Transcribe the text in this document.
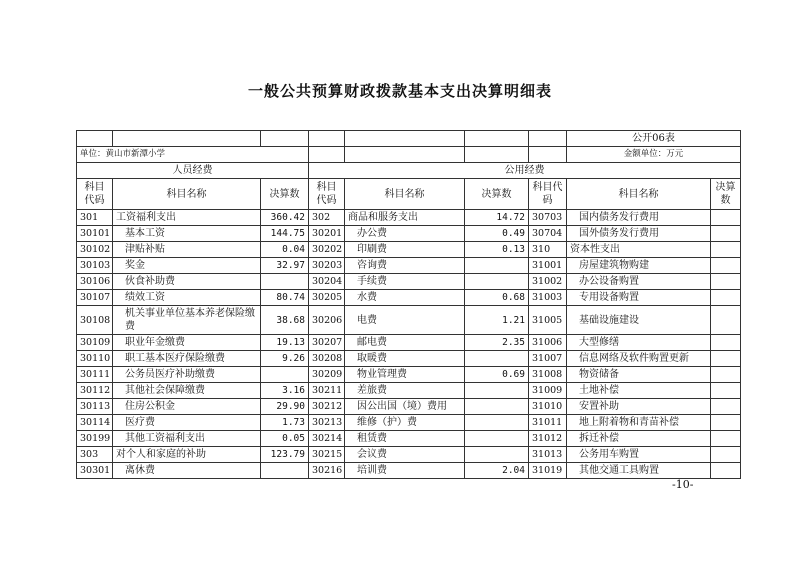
一般公共预算财政拨款基本支出决算明细表
							公开06表	
单位：黄山市新潭小学							金额单位：万元	
人员经费			公用经费					
科目代码	科目名称	决算数	科目代码	科目名称	决算数	科目代码	科目名称	决算数
301	工资福利支出	360.42	302	商品和服务支出	14.72	30703	国内债务发行费用	
30101	基本工资	144.75	30201	办公费	0.49	30704	国外债务发行费用	
30102	津贴补贴	0.04	30202	印刷费	0.13	310	资本性支出	
30103	奖金	32.97	30203	咨询费		31001	房屋建筑物购建	
30106	伙食补助费		30204	手续费		31002	办公设备购置	
30107	绩效工资	80.74	30205	水费	0.68	31003	专用设备购置	
30108	机关事业单位基本养老保险缴费	38.68	30206	电费	1.21	31005	基础设施建设	
30109	职业年金缴费	19.13	30207	邮电费	2.35	31006	大型修缮	
30110	职工基本医疗保险缴费	9.26	30208	取暖费		31007	信息网络及软件购置更新	
30111	公务员医疗补助缴费		30209	物业管理费	0.69	31008	物资储备	
30112	其他社会保障缴费	3.16	30211	差旅费		31009	土地补偿	
30113	住房公积金	29.90	30212	因公出国（境）费用		31010	安置补助	
30114	医疗费	1.73	30213	维修（护）费		31011	地上附着物和青苗补偿	
30199	其他工资福利支出	0.05	30214	租赁费		31012	拆迁补偿	
303	对个人和家庭的补助	123.79	30215	会议费		31013	公务用车购置	
30301	离休费		30216	培训费	2.04	31019	其他交通工具购置	
-10-
